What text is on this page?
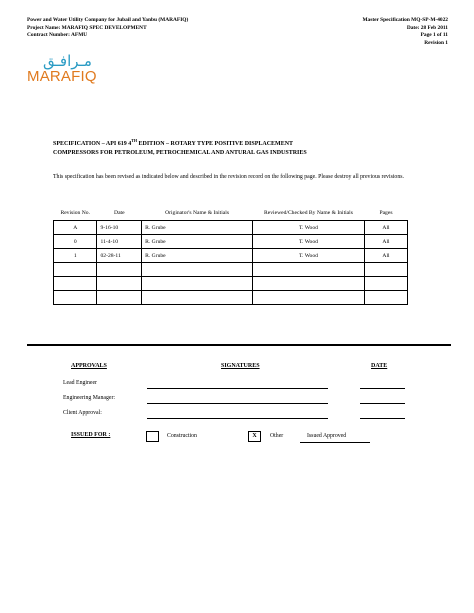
Power and Water Utility Company for Jubail and Yanbu (MARAFIQ)
Project Name: MARAFIQ SPEC DEVELOPMENT
Contract Number: AFMU
Master Specification MQ-SP-M-4022
Date: 28 Feb 2011
Page 1 of 11
Revision 1
مـرافـق
MARAFIQ
SPECIFICATION – API 619 4TH EDITION – ROTARY TYPE POSITIVE DISPLACEMENT
COMPRESSORS FOR PETROLEUM, PETROCHEMICAL AND ANTURAL GAS INDUSTRIES
This specification has been revised as indicated below and described in the revision record on the following page. Please destroy all previous revisions.
Revision No.	Date	Originator's Name & Initials	Reviewed/Checked By Name & Initials	Pages
A	9-16-10	R. Grube	T. Wood	All
0	11-4-10	R. Grube	T. Wood	All
1	02-28-11	R. Grube	T. Wood	All

APPROVALS	SIGNATURES	DATE
Lead Engineer
Engineering Manager:
Client Approval:
ISSUED FOR :	Construction	X	Other	Issued Approved
